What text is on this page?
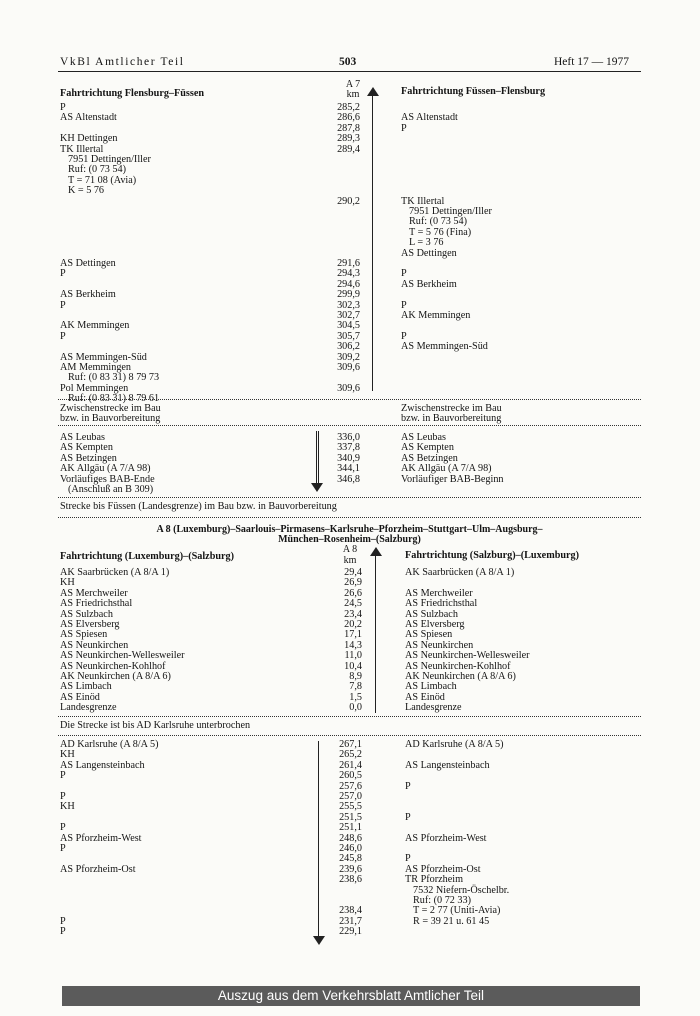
VkBl Amtlicher Teil	503	Heft 17 — 1977
A 7
km
Fahrtrichtung Flensburg–Füssen	Fahrtrichtung Füssen–Flensburg
P	285,2
AS Altenstadt	286,6	AS Altenstadt
287,8	P
KH Dettingen	289,3
TK Illertal	289,4
7951 Dettingen/Iller
Ruf: (0 73 54)
T = 71 08 (Avia)
K = 5 76
290,2	TK Illertal
7951 Dettingen/Iller
Ruf: (0 73 54)
T = 5 76 (Fina)
L = 3 76
AS Dettingen
AS Dettingen	291,6
P	294,3	P
294,6	AS Berkheim
AS Berkheim	299,9
P	302,3	P
302,7	AK Memmingen
AK Memmingen	304,5
P	305,7	P
306,2	AS Memmingen-Süd
AS Memmingen-Süd	309,2
AM Memmingen	309,6
Ruf: (0 83 31) 8 79 73
Pol Memmingen	309,6
Ruf: (0 83 31) 8 79 61
Zwischenstrecke im Bau
bzw. in Bauvorbereitung
Zwischenstrecke im Bau
bzw. in Bauvorbereitung
AS Leubas	336,0	AS Leubas
AS Kempten	337,8	AS Kempten
AS Betzingen	340,9	AS Betzingen
AK Allgäu (A 7/A 98)	344,1	AK Allgäu (A 7/A 98)
Vorläufiges BAB-Ende	346,8	Vorläufiger BAB-Beginn
(Anschluß an B 309)
Strecke bis Füssen (Landesgrenze) im Bau bzw. in Bauvorbereitung
A 8 (Luxemburg)–Saarlouis–Pirmasens–Karlsruhe–Pforzheim–Stuttgart–Ulm–Augsburg–
München–Rosenheim–(Salzburg)
A 8
km
Fahrtrichtung (Luxemburg)–(Salzburg)	Fahrtrichtung (Salzburg)–(Luxemburg)
AK Saarbrücken (A 8/A 1)	29,4	AK Saarbrücken (A 8/A 1)
KH	26,9
AS Merchweiler	26,6	AS Merchweiler
AS Friedrichsthal	24,5	AS Friedrichsthal
AS Sulzbach	23,4	AS Sulzbach
AS Elversberg	20,2	AS Elversberg
AS Spiesen	17,1	AS Spiesen
AS Neunkirchen	14,3	AS Neunkirchen
AS Neunkirchen-Wellesweiler	11,0	AS Neunkirchen-Wellesweiler
AS Neunkirchen-Kohlhof	10,4	AS Neunkirchen-Kohlhof
AK Neunkirchen (A 8/A 6)	8,9	AK Neunkirchen (A 8/A 6)
AS Limbach	7,8	AS Limbach
AS Einöd	1,5	AS Einöd
Landesgrenze	0,0	Landesgrenze
Die Strecke ist bis AD Karlsruhe unterbrochen
AD Karlsruhe (A 8/A 5)	267,1	AD Karlsruhe (A 8/A 5)
KH	265,2
AS Langensteinbach	261,4	AS Langensteinbach
P	260,5
257,6	P
P	257,0
KH	255,5
251,5	P
P	251,1
AS Pforzheim-West	248,6	AS Pforzheim-West
P	246,0
245,8	P
AS Pforzheim-Ost	239,6	AS Pforzheim-Ost
238,6	TR Pforzheim
7532 Niefern-Öschelbr.
Ruf: (0 72 33)
238,4	T = 2 77 (Uniti-Avia)
P	231,7	R = 39 21 u. 61 45
P	229,1
Auszug aus dem Verkehrsblatt Amtlicher Teil
